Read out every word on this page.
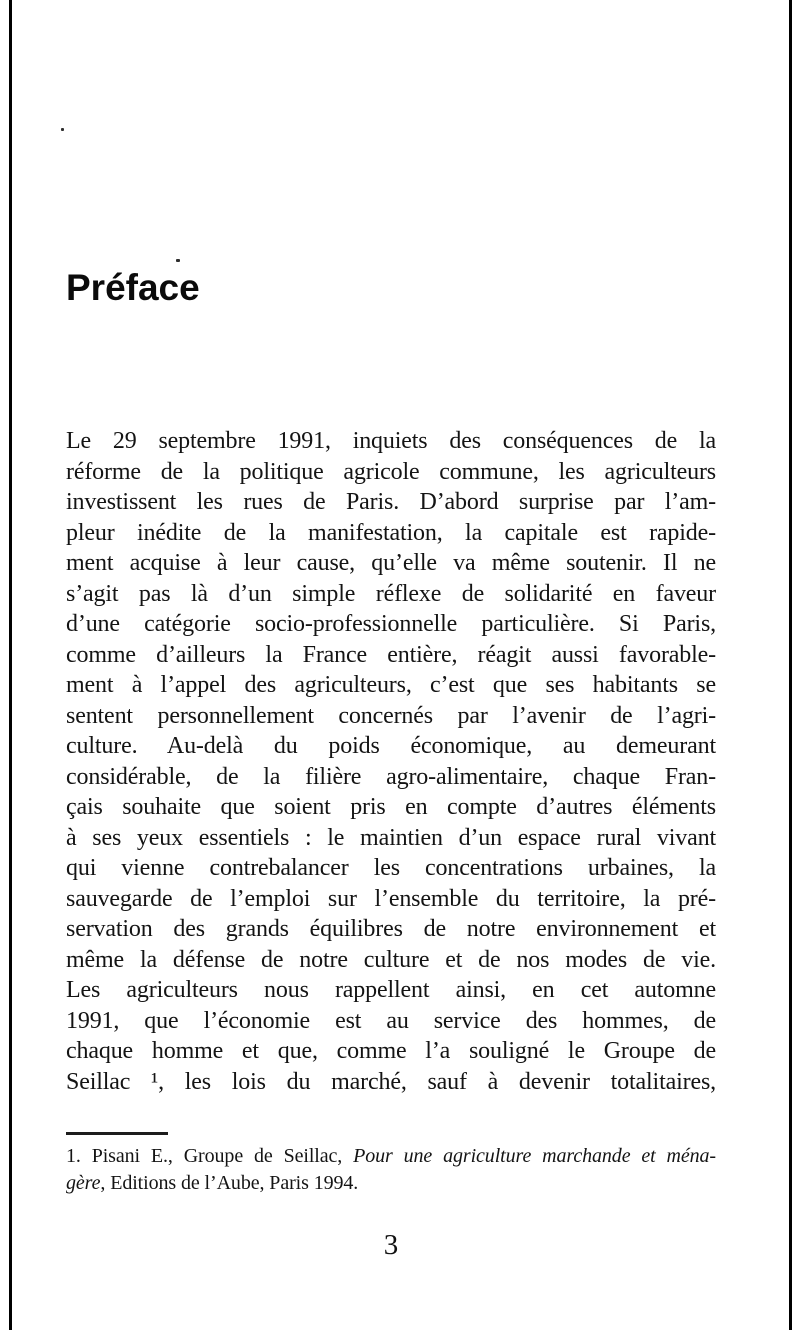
Préface
Le 29 septembre 1991, inquiets des conséquences de la
réforme de la politique agricole commune, les agriculteurs
investissent les rues de Paris. D’abord surprise par l’am-
pleur inédite de la manifestation, la capitale est rapide-
ment acquise à leur cause, qu’elle va même soutenir. Il ne
s’agit pas là d’un simple réflexe de solidarité en faveur
d’une catégorie socio-professionnelle particulière. Si Paris,
comme d’ailleurs la France entière, réagit aussi favorable-
ment à l’appel des agriculteurs, c’est que ses habitants se
sentent personnellement concernés par l’avenir de l’agri-
culture. Au-delà du poids économique, au demeurant
considérable, de la filière agro-alimentaire, chaque Fran-
çais souhaite que soient pris en compte d’autres éléments
à ses yeux essentiels : le maintien d’un espace rural vivant
qui vienne contrebalancer les concentrations urbaines, la
sauvegarde de l’emploi sur l’ensemble du territoire, la pré-
servation des grands équilibres de notre environnement et
même la défense de notre culture et de nos modes de vie.
Les agriculteurs nous rappellent ainsi, en cet automne
1991, que l’économie est au service des hommes, de
chaque homme et que, comme l’a souligné le Groupe de
Seillac ¹, les lois du marché, sauf à devenir totalitaires,
1. Pisani E., Groupe de Seillac, Pour une agriculture marchande et ména-
gère, Editions de l’Aube, Paris 1994.
3
